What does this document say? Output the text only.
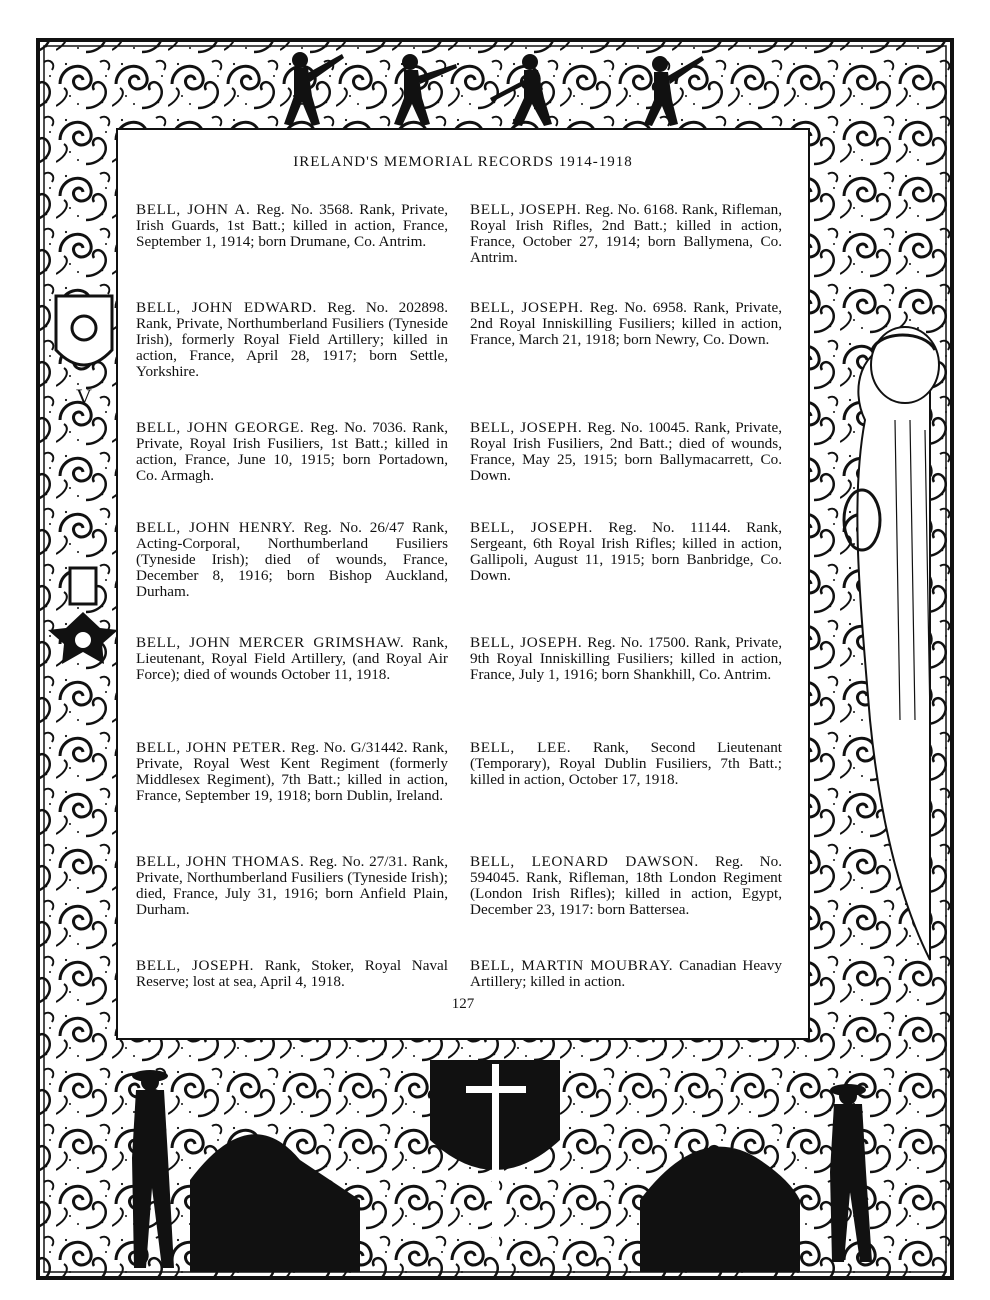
V
IRELAND'S MEMORIAL RECORDS 1914-1918
BELL, JOHN A. Reg. No. 3568. Rank, Private, Irish Guards, 1st Batt.; killed in action, France, September 1, 1914; born Drumane, Co. Antrim.
BELL, JOHN EDWARD. Reg. No. 202898. Rank, Private, Northumberland Fusiliers (Tyneside Irish), formerly Royal Field Artillery; killed in action, France, April 28, 1917; born Settle, Yorkshire.
BELL, JOHN GEORGE. Reg. No. 7036. Rank, Private, Royal Irish Fusiliers, 1st Batt.; killed in action, France, June 10, 1915; born Portadown, Co. Armagh.
BELL, JOHN HENRY. Reg. No. 26/47 Rank, Acting-Corporal, Northumberland Fusiliers (Tyneside Irish); died of wounds, France, December 8, 1916; born Bishop Auckland, Durham.
BELL, JOHN MERCER GRIMSHAW. Rank, Lieutenant, Royal Field Artillery, (and Royal Air Force); died of wounds October 11, 1918.
BELL, JOHN PETER. Reg. No. G/31442. Rank, Private, Royal West Kent Regiment (formerly Middlesex Regiment), 7th Batt.; killed in action, France, September 19, 1918; born Dublin, Ireland.
BELL, JOHN THOMAS. Reg. No. 27/31. Rank, Private, Northumberland Fusiliers (Tyneside Irish); died, France, July 31, 1916; born Anfield Plain, Durham.
BELL, JOSEPH. Rank, Stoker, Royal Naval Reserve; lost at sea, April 4, 1918.
BELL, JOSEPH. Reg. No. 6168. Rank, Rifleman, Royal Irish Rifles, 2nd Batt.; killed in action, France, October 27, 1914; born Ballymena, Co. Antrim.
BELL, JOSEPH. Reg. No. 6958. Rank, Private, 2nd Royal Inniskilling Fusiliers; killed in action, France, March 21, 1918; born Newry, Co. Down.
BELL, JOSEPH. Reg. No. 10045. Rank, Private, Royal Irish Fusiliers, 2nd Batt.; died of wounds, France, May 25, 1915; born Ballymacarrett, Co. Down.
BELL, JOSEPH. Reg. No. 11144. Rank, Sergeant, 6th Royal Irish Rifles; killed in action, Gallipoli, August 11, 1915; born Banbridge, Co. Down.
BELL, JOSEPH. Reg. No. 17500. Rank, Private, 9th Royal Inniskilling Fusiliers; killed in action, France, July 1, 1916; born Shankhill, Co. Antrim.
BELL, LEE. Rank, Second Lieutenant (Temporary), Royal Dublin Fusiliers, 7th Batt.; killed in action, October 17, 1918.
BELL, LEONARD DAWSON. Reg. No. 594045. Rank, Rifleman, 18th London Regiment (London Irish Rifles); killed in action, Egypt, December 23, 1917: born Battersea.
BELL, MARTIN MOUBRAY. Canadian Heavy Artillery; killed in action.
127
